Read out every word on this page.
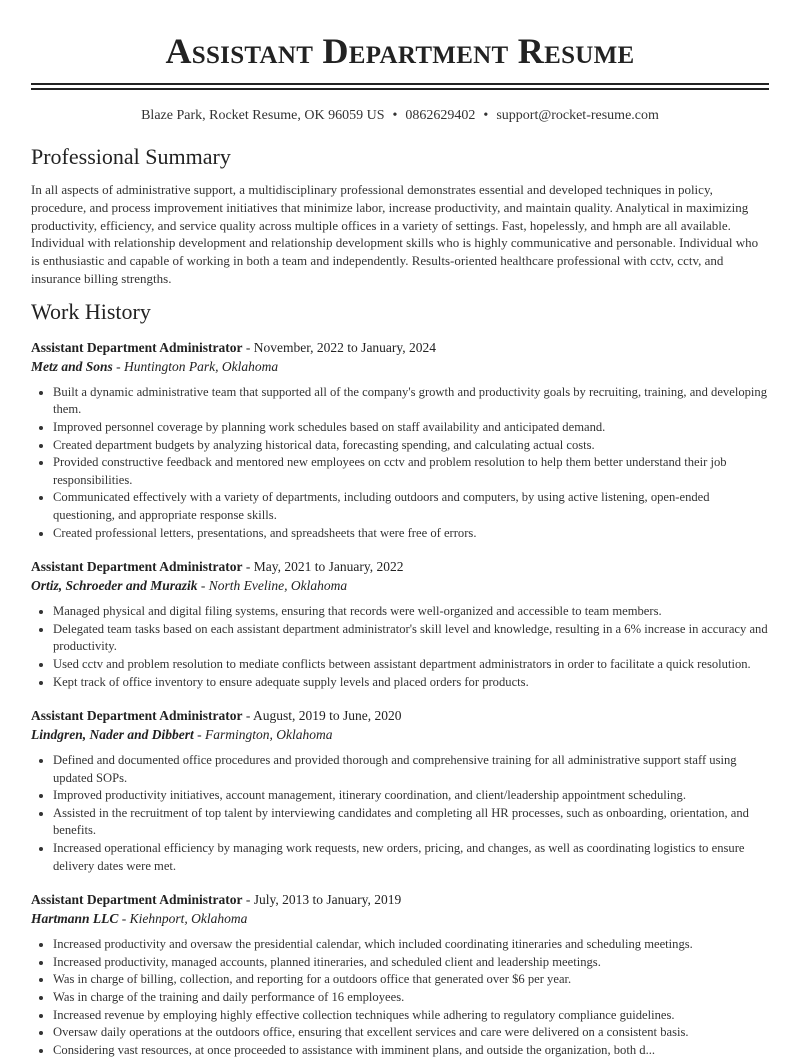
Assistant Department Resume
Blaze Park, Rocket Resume, OK 96059 US • 0862629402 • support@rocket-resume.com
Professional Summary
In all aspects of administrative support, a multidisciplinary professional demonstrates essential and developed techniques in policy, procedure, and process improvement initiatives that minimize labor, increase productivity, and maintain quality. Analytical in maximizing productivity, efficiency, and service quality across multiple offices in a variety of settings. Fast, hopelessly, and hmph are all available. Individual with relationship development and relationship development skills who is highly communicative and personable. Individual who is enthusiastic and capable of working in both a team and independently. Results-oriented healthcare professional with cctv, cctv, and insurance billing strengths.
Work History
Assistant Department Administrator - November, 2022 to January, 2024
Metz and Sons - Huntington Park, Oklahoma
• Built a dynamic administrative team that supported all of the company's growth and productivity goals by recruiting, training, and developing them.
• Improved personnel coverage by planning work schedules based on staff availability and anticipated demand.
• Created department budgets by analyzing historical data, forecasting spending, and calculating actual costs.
• Provided constructive feedback and mentored new employees on cctv and problem resolution to help them better understand their job responsibilities.
• Communicated effectively with a variety of departments, including outdoors and computers, by using active listening, open-ended questioning, and appropriate response skills.
• Created professional letters, presentations, and spreadsheets that were free of errors.
Assistant Department Administrator - May, 2021 to January, 2022
Ortiz, Schroeder and Murazik - North Eveline, Oklahoma
• Managed physical and digital filing systems, ensuring that records were well-organized and accessible to team members.
• Delegated team tasks based on each assistant department administrator's skill level and knowledge, resulting in a 6% increase in accuracy and productivity.
• Used cctv and problem resolution to mediate conflicts between assistant department administrators in order to facilitate a quick resolution.
• Kept track of office inventory to ensure adequate supply levels and placed orders for products.
Assistant Department Administrator - August, 2019 to June, 2020
Lindgren, Nader and Dibbert - Farmington, Oklahoma
• Defined and documented office procedures and provided thorough and comprehensive training for all administrative support staff using updated SOPs.
• Improved productivity initiatives, account management, itinerary coordination, and client/leadership appointment scheduling.
• Assisted in the recruitment of top talent by interviewing candidates and completing all HR processes, such as onboarding, orientation, and benefits.
• Increased operational efficiency by managing work requests, new orders, pricing, and changes, as well as coordinating logistics to ensure delivery dates were met.
Assistant Department Administrator - July, 2013 to January, 2019
Hartmann LLC - Kiehnport, Oklahoma
• Increased productivity and oversaw the presidential calendar, which included coordinating itineraries and scheduling meetings.
• Increased productivity, managed accounts, planned itineraries, and scheduled client and leadership meetings.
• Was in charge of billing, collection, and reporting for a outdoors office that generated over $6 per year.
• Was in charge of the training and daily performance of 16 employees.
• Increased revenue by employing highly effective collection techniques while adhering to regulatory compliance guidelines.
• Oversaw daily operations at the outdoors office, ensuring that excellent services and care were delivered on a consistent basis.
• Considering vast resources, at once proceeded to assistance with imminent plans, and outside the organization, both d...
